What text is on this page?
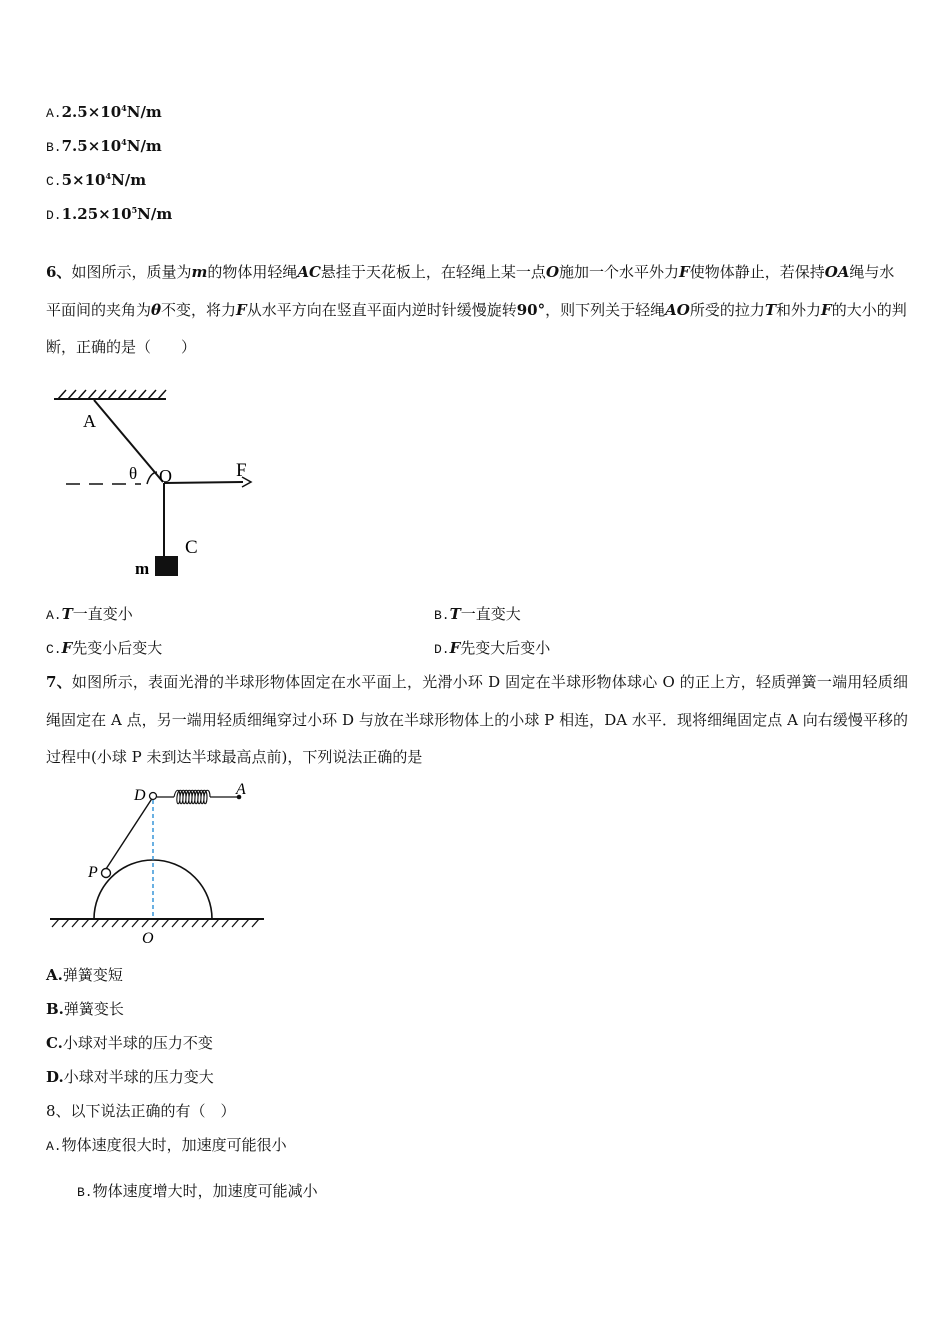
$A.2.5\times 10^4N/m$
$B.7.5\times 10^4N/m$
$C.5\times 10^4N/m$
$D.1.25\times 10^5N/m$
6、如图所示，质量为m的物体用轻绳AC悬挂于天花板上，在轻绳上某一点O施加一个水平外力F使物体静止，若保持OA绳与水平面间的夹角为θ不变，将力F从水平方向在竖直平面内逆时针缓慢旋转90°，则下列关于轻绳AO所受的拉力T和外力F的大小的判断，正确的是（　　）
A
θ O	F
C
m
A.T一直变小	B.T一直变大
C.F先变小后变大	D.F先变大后变小
7、如图所示，表面光滑的半球形物体固定在水平面上，光滑小环 D 固定在半球形物体球心 O 的正上方，轻质弹簧一端用轻质细绳固定在 A 点，另一端用轻质细绳穿过小环 D 与放在半球形物体上的小球 P 相连，DA 水平．现将细绳固定点 A 向右缓慢平移的过程中(小球 P 未到达半球最高点前)，下列说法正确的是
D	A
P
O
A.弹簧变短
B.弹簧变长
C.小球对半球的压力不变
D.小球对半球的压力变大
8、以下说法正确的有（　）
A.物体速度很大时，加速度可能很小
B.物体速度增大时，加速度可能减小
